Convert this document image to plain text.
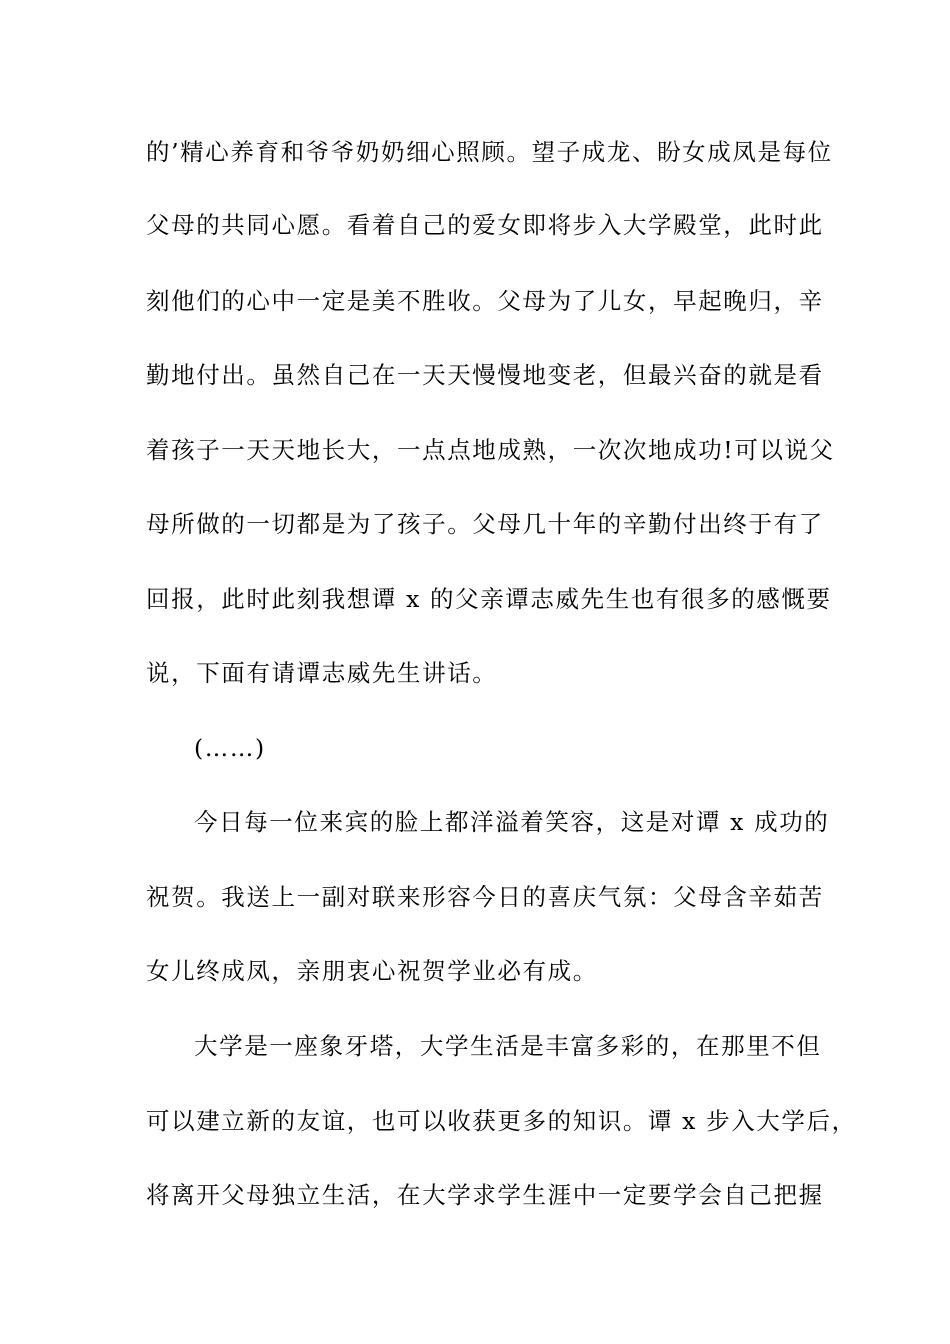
的’精心养育和爷爷奶奶细心照顾。望子成龙、盼女成凤是每位
父母的共同心愿。看着自己的爱女即将步入大学殿堂，此时此
刻他们的心中一定是美不胜收。父母为了儿女，早起晚归，辛
勤地付出。虽然自己在一天天慢慢地变老，但最兴奋的就是看
着孩子一天天地长大，一点点地成熟，一次次地成功!可以说父
母所做的一切都是为了孩子。父母几十年的辛勤付出终于有了
回报，此时此刻我想谭 x 的父亲谭志威先生也有很多的感慨要
说，下面有请谭志威先生讲话。
(……)
今日每一位来宾的脸上都洋溢着笑容，这是对谭 x 成功的
祝贺。我送上一副对联来形容今日的喜庆气氛：父母含辛茹苦
女儿终成凤，亲朋衷心祝贺学业必有成。
大学是一座象牙塔，大学生活是丰富多彩的，在那里不但
可以建立新的友谊，也可以收获更多的知识。谭 x 步入大学后，
将离开父母独立生活，在大学求学生涯中一定要学会自己把握
